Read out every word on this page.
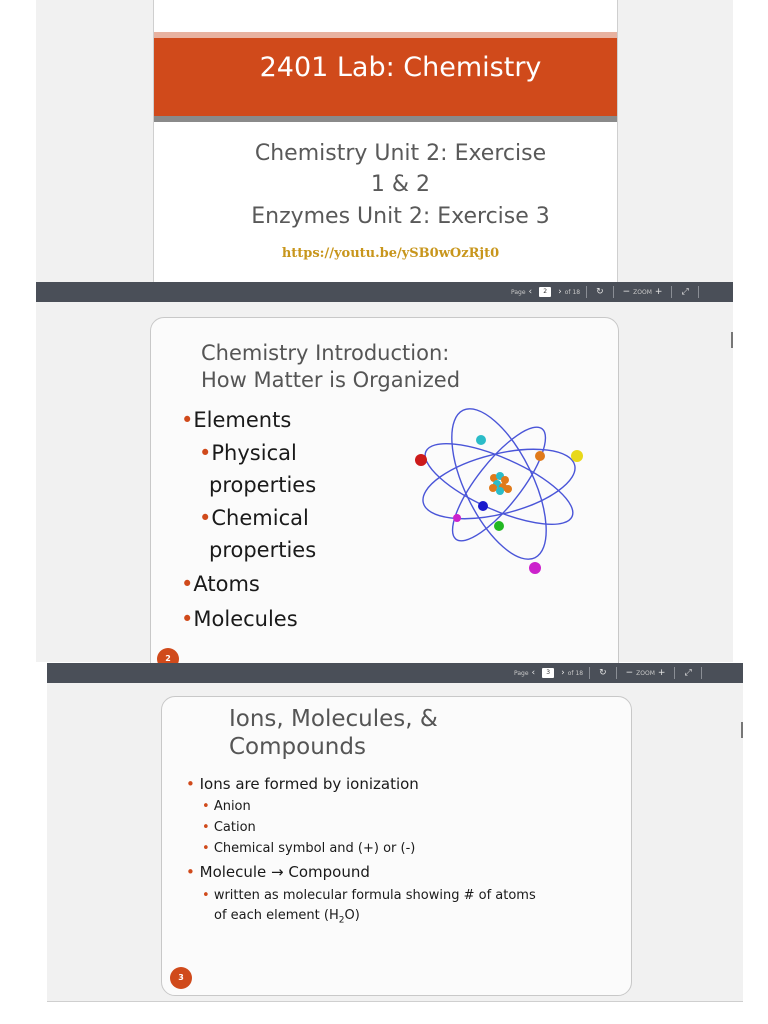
2401 Lab: Chemistry
Chemistry Unit 2: Exercise
1 & 2
Enzymes Unit 2: Exercise 3
https://youtu.be/ySB0wOzRjt0
Page ‹	2	› of 18 ↻ − ZOOM + ⤢
Chemistry Introduction:
How Matter is Organized
•Elements
•Physical
properties
•Chemical
properties
•Atoms
•Molecules
2
Page ‹	3	› of 18 ↻ − ZOOM + ⤢
Ions, Molecules, &
Compounds
• Ions are formed by ionization
• Anion
• Cation
• Chemical symbol and (+) or (-)
• Molecule → Compound
• written as molecular formula showing # of atoms
of each element $(H_2O)$
3
